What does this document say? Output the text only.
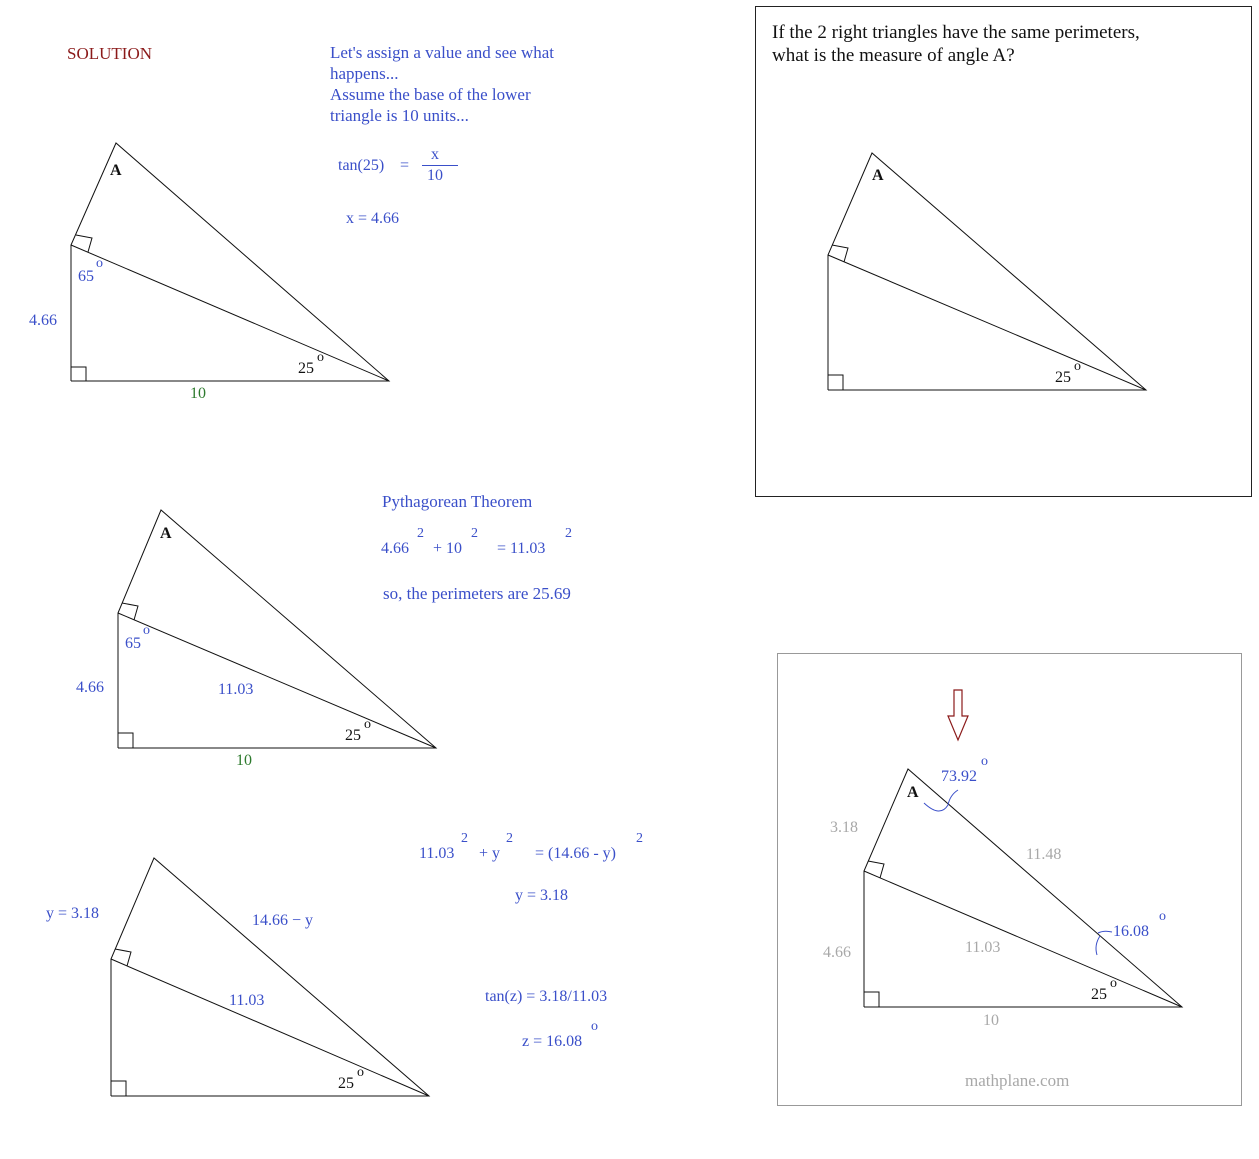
SOLUTION	Let's assign a value and see what
happens...
Assume the base of the lower
triangle is 10 units...
tan(25) =
x
10
x = 4.66
A
65
o
4.66
25
o
10
Pythagorean Theorem
4.66
2
+ 10
2
= 11.03
2
so, the perimeters are 25.69
A
65
o
4.66	11.03
25
o
10
11.03
2
+ y
2
= (14.66 - y)
2
y = 3.18
tan(z) = 3.18/11.03
z = 16.08
o
y = 3.18	14.66 − y
11.03
25
o
If the 2 right triangles have the same perimeters,
what is the measure of angle A?
A
25
o
73.92
o
A
3.18
11.48
16.08
o
4.66	11.03
25
o
10
mathplane.com
